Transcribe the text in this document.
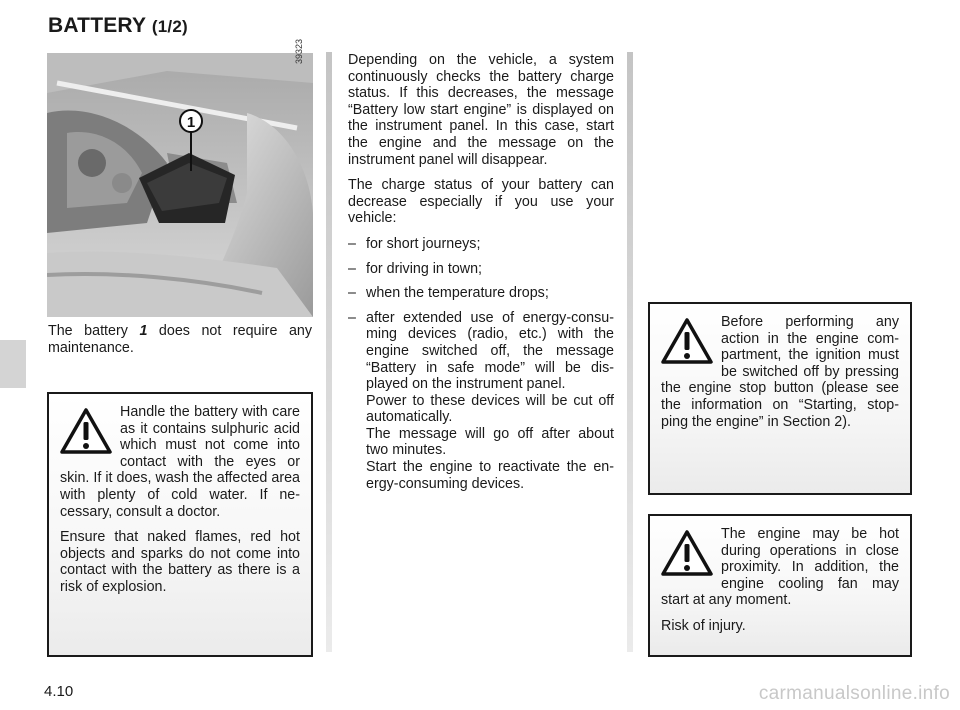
BATTERY (1/2)
1
39323

The battery 1 does not require any maintenance.

Depending on the vehicle, a system continuously checks the battery charge status. If this decreases, the message “Battery low start engine” is displayed on the instrument panel. In this case, start the engine and the message on the instrument panel will disappear.

The charge status of your battery can decrease especially if you use your vehicle:

– for short journeys;
– for driving in town;
– when the temperature drops;
– after extended use of energy-consu-ming devices (radio, etc.) with the engine switched off, the message “Battery in safe mode” will be dis-played on the instrument panel.
Power to these devices will be cut off automatically.
The message will go off after about two minutes.
Start the engine to reactivate the en-ergy-consuming devices.

Handle the battery with care as it contains sulphuric acid which must not come into contact with the eyes or skin. If it does, wash the affected area with plenty of cold water. If ne-cessary, consult a doctor.

Ensure that naked flames, red hot objects and sparks do not come into contact with the battery as there is a risk of explosion.

Before performing any action in the engine com-partment, the ignition must be switched off by pressing the engine stop button (please see the information on “Starting, stop-ping the engine” in Section 2).

The engine may be hot during operations in close proximity. In addition, the engine cooling fan may start at any moment.

Risk of injury.

4.10	carmanualsonline.info
